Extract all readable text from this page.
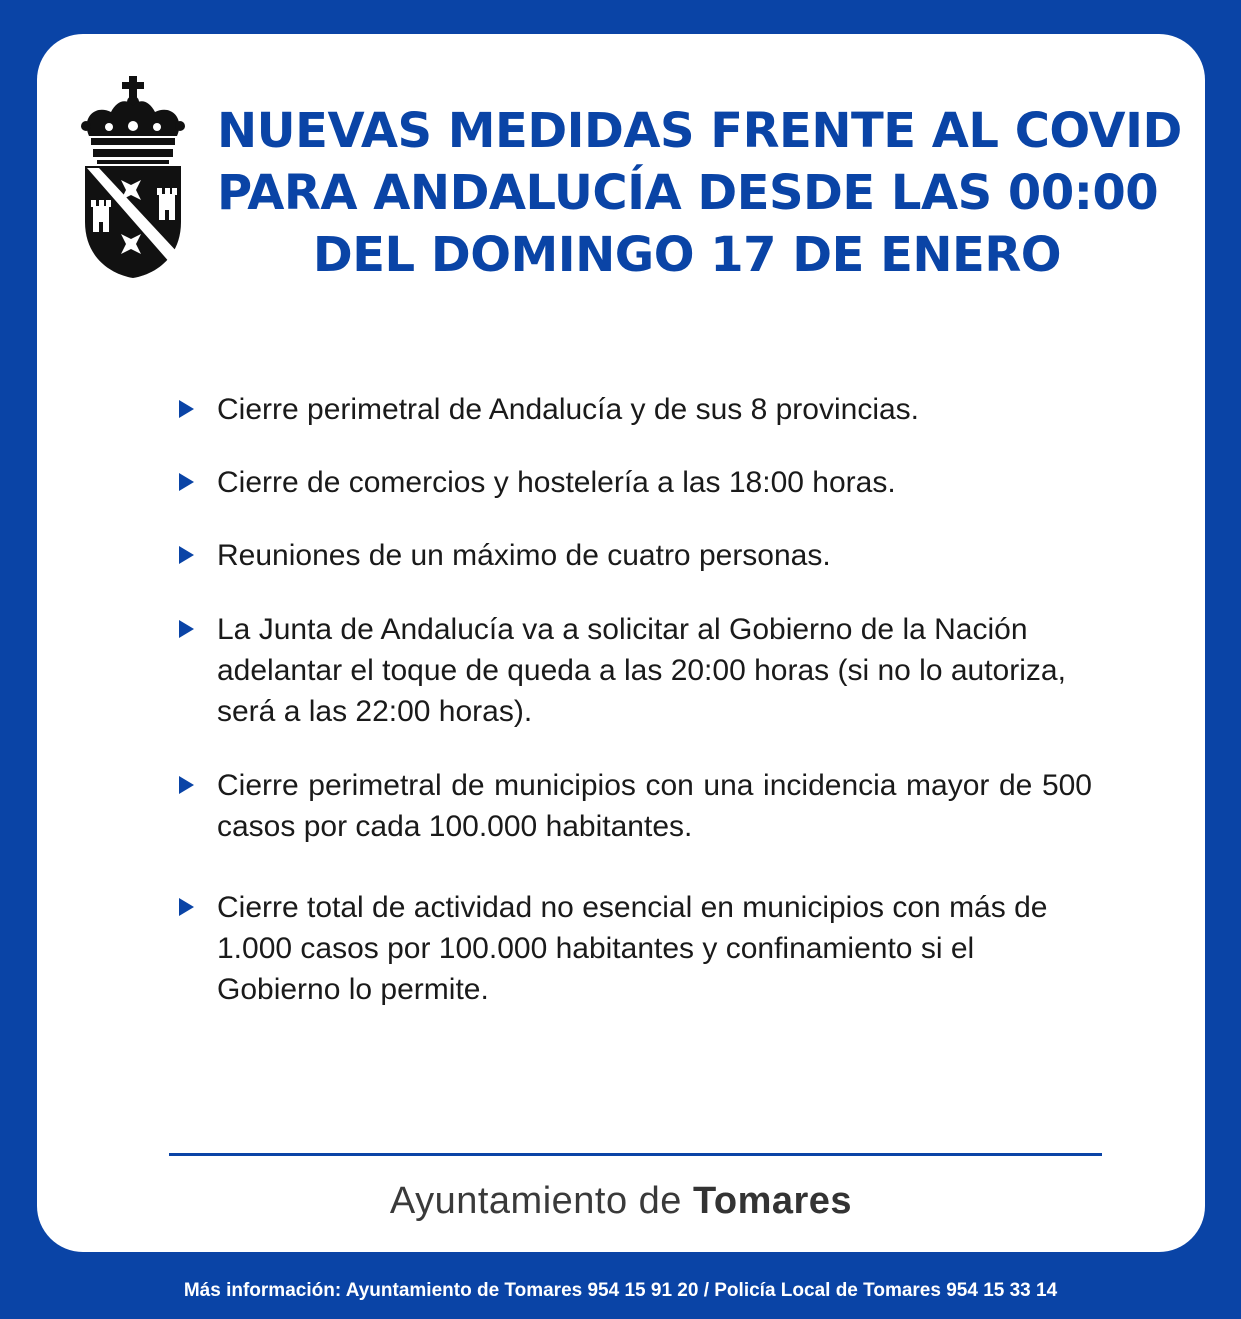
NUEVAS MEDIDAS FRENTE AL COVID
PARA ANDALUCÍA DESDE LAS 00:00
DEL DOMINGO 17 DE ENERO
Cierre perimetral de Andalucía y de sus 8 provincias.
Cierre de comercios y hostelería a las 18:00 horas.
Reuniones de un máximo de cuatro personas.
La Junta de Andalucía va a solicitar al Gobierno de la Nación adelantar el toque de queda a las 20:00 horas (si no lo autoriza, será a las 22:00 horas).
Cierre perimetral de municipios con una incidencia mayor de 500 casos por cada 100.000 habitantes.
Cierre total de actividad no esencial en municipios con más de 1.000 casos por 100.000 habitantes y confinamiento si el Gobierno lo permite.
Ayuntamiento de Tomares
Más información: Ayuntamiento de Tomares 954 15 91 20 / Policía Local de Tomares 954 15 33 14
